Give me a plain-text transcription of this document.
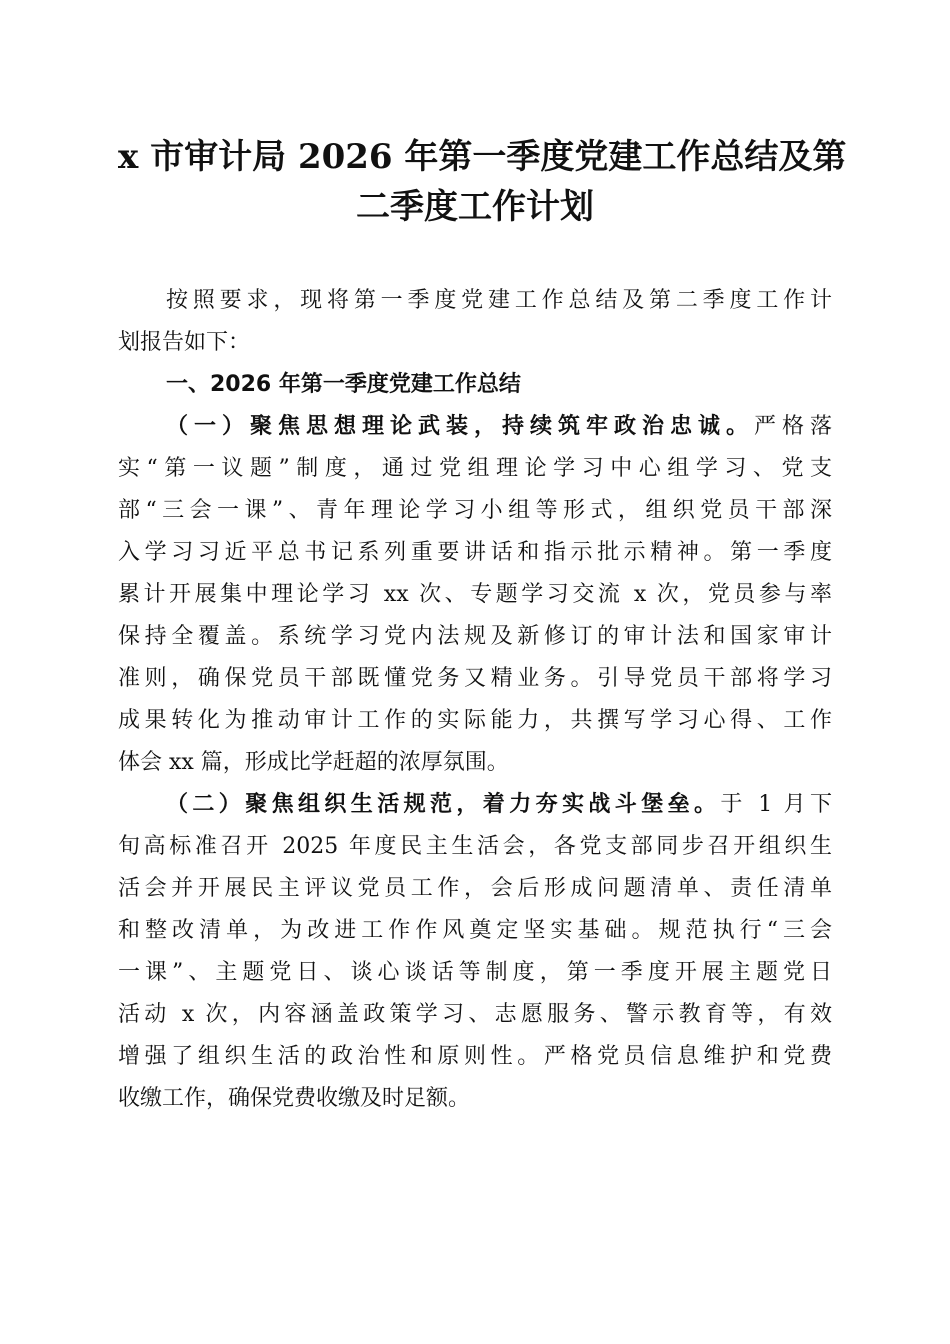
x 市审计局 2026 年第一季度党建工作总结及第
二季度工作计划

按照要求，现将第一季度党建工作总结及第二季度工作计
划报告如下：

一、2026 年第一季度党建工作总结

（一）聚焦思想理论武装，持续筑牢政治忠诚。严格落
实“第一议题”制度，通过党组理论学习中心组学习、党支
部“三会一课”、青年理论学习小组等形式，组织党员干部深
入学习习近平总书记系列重要讲话和指示批示精神。第一季度
累计开展集中理论学习 xx 次、专题学习交流 x 次，党员参与率
保持全覆盖。系统学习党内法规及新修订的审计法和国家审计
准则，确保党员干部既懂党务又精业务。引导党员干部将学习
成果转化为推动审计工作的实际能力，共撰写学习心得、工作
体会 xx 篇，形成比学赶超的浓厚氛围。

（二）聚焦组织生活规范，着力夯实战斗堡垒。于 1 月下
旬高标准召开 2025 年度民主生活会，各党支部同步召开组织生
活会并开展民主评议党员工作，会后形成问题清单、责任清单
和整改清单，为改进工作作风奠定坚实基础。规范执行“三会
一课”、主题党日、谈心谈话等制度，第一季度开展主题党日
活动 x 次，内容涵盖政策学习、志愿服务、警示教育等，有效
增强了组织生活的政治性和原则性。严格党员信息维护和党费
收缴工作，确保党费收缴及时足额。
